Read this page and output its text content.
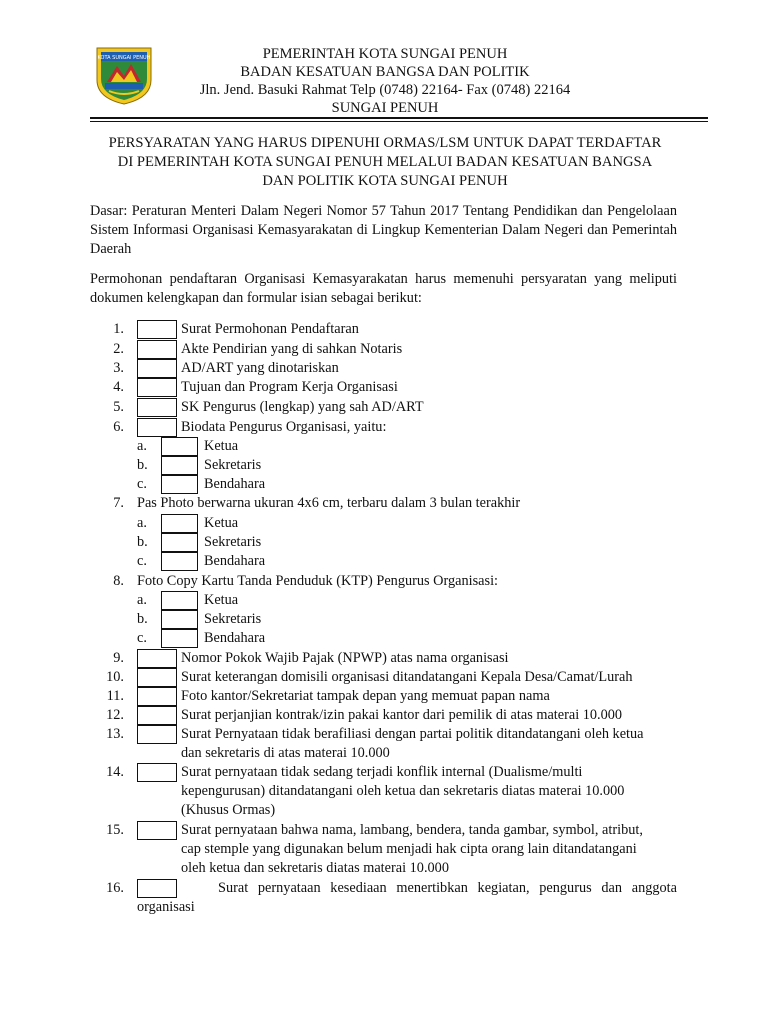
KOTA SUNGAI PENUH	PEMERINTAH KOTA SUNGAI PENUH
BADAN KESATUAN BANGSA DAN POLITIK
Jln. Jend. Basuki Rahmat Telp (0748) 22164- Fax (0748) 22164
SUNGAI PENUH
PERSYARATAN YANG HARUS DIPENUHI ORMAS/LSM UNTUK DAPAT TERDAFTAR
DI PEMERINTAH KOTA SUNGAI PENUH MELALUI BADAN KESATUAN BANGSA
DAN POLITIK KOTA SUNGAI PENUH
Dasar: Peraturan Menteri Dalam Negeri Nomor 57 Tahun 2017 Tentang Pendidikan dan Pengelolaan Sistem Informasi Organisasi Kemasyarakatan di Lingkup Kementerian Dalam Negeri dan Pemerintah Daerah
Permohonan pendaftaran Organisasi Kemasyarakatan harus memenuhi persyaratan yang meliputi dokumen kelengkapan dan formular isian sebagai berikut:
1.	Surat Permohonan Pendaftaran
2.	Akte Pendirian yang di sahkan Notaris
3.	AD/ART yang dinotariskan
4.	Tujuan dan Program Kerja Organisasi
5.	SK Pengurus (lengkap) yang sah AD/ART
6.	Biodata Pengurus Organisasi, yaitu:
a.	Ketua
b.	Sekretaris
c.	Bendahara
7. Pas Photo berwarna ukuran 4x6 cm, terbaru dalam 3 bulan terakhir
a.	Ketua
b.	Sekretaris
c.	Bendahara
8. Foto Copy Kartu Tanda Penduduk (KTP) Pengurus Organisasi:
a.	Ketua
b.	Sekretaris
c.	Bendahara
9.	Nomor Pokok Wajib Pajak (NPWP) atas nama organisasi
10.	Surat keterangan domisili organisasi ditandatangani Kepala Desa/Camat/Lurah
11.	Foto kantor/Sekretariat tampak depan yang memuat papan nama
12.	Surat perjanjian kontrak/izin pakai kantor dari pemilik di atas materai 10.000
13.	Surat Pernyataan tidak berafiliasi dengan partai politik ditandatangani oleh ketua
dan sekretaris di atas materai 10.000
14.	Surat pernyataan tidak sedang terjadi konflik internal (Dualisme/multi
kepengurusan) ditandatangani oleh ketua dan sekretaris diatas materai 10.000
(Khusus Ormas)
15.	Surat pernyataan bahwa nama, lambang, bendera, tanda gambar, symbol, atribut,
cap stemple yang digunakan belum menjadi hak cipta orang lain ditandatangani
oleh ketua dan sekretaris diatas materai 10.000
16.	Surat pernyataan kesediaan menertibkan kegiatan, pengurus dan anggota
organisasi
